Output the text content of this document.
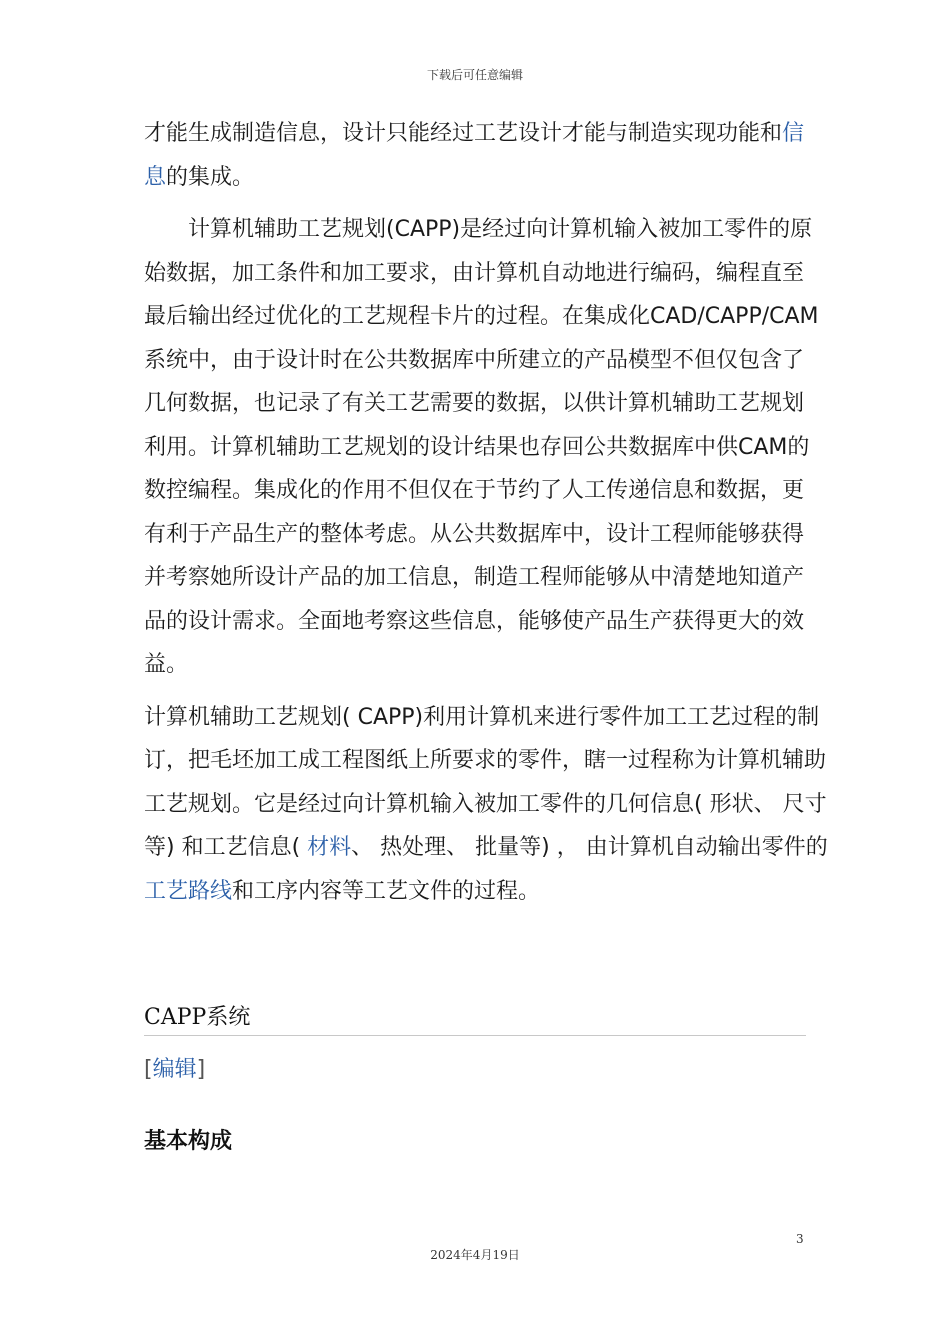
下载后可任意编辑

才能生成制造信息，设计只能经过工艺设计才能与制造实现功能和信息的集成。

计算机辅助工艺规划(CAPP)是经过向计算机输入被加工零件的原始数据，加工条件和加工要求，由计算机自动地进行编码，编程直至最后输出经过优化的工艺规程卡片的过程。在集成化CAD/CAPP/CAM系统中，由于设计时在公共数据库中所建立的产品模型不但仅包含了几何数据，也记录了有关工艺需要的数据，以供计算机辅助工艺规划利用。计算机辅助工艺规划的设计结果也存回公共数据库中供CAM的数控编程。集成化的作用不但仅在于节约了人工传递信息和数据，更有利于产品生产的整体考虑。从公共数据库中，设计工程师能够获得并考察她所设计产品的加工信息，制造工程师能够从中清楚地知道产品的设计需求。全面地考察这些信息，能够使产品生产获得更大的效益。

计算机辅助工艺规划( CAPP)利用计算机来进行零件加工工艺过程的制订，把毛坯加工成工程图纸上所要求的零件，瞎一过程称为计算机辅助工艺规划。它是经过向计算机输入被加工零件的几何信息( 形状、 尺寸等) 和工艺信息( 材料、 热处理、 批量等) ， 由计算机自动输出零件的工艺路线和工序内容等工艺文件的过程。

CAPP系统
[编辑]
基本构成
3
2024年4月19日
